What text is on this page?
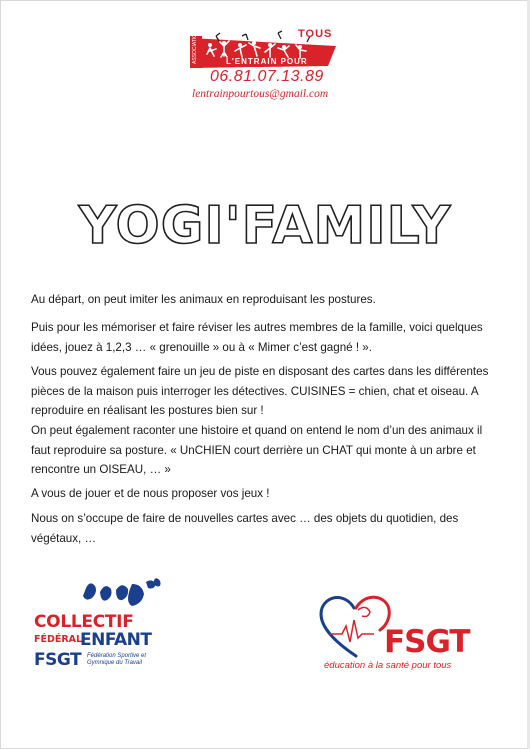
ASSOCIATION	L'ENTRAIN POUR
TOUS
06.81.07.13.89
lentrainpourtous@gmail.com
YOGI'FAMILY

Au départ, on peut imiter les animaux en reproduisant les postures.

Puis pour les mémoriser et faire réviser les autres membres de la famille, voici quelques idées, jouez à 1,2,3 … « grenouille » ou à « Mimer c’est gagné ! ».

Vous pouvez également faire un jeu de piste en disposant des cartes dans les différentes pièces de la maison puis interroger les détectives. CUISINES = chien, chat et oiseau. A reproduire en réalisant les postures bien sur !

On peut également raconter une histoire et quand on entend le nom d’un des animaux il faut reproduire sa posture. « UnCHIEN court derrière un CHAT qui monte à un arbre et rencontre un OISEAU, … »

A vous de jouer et de nous proposer vos jeux !

Nous on s’occupe de faire de nouvelles cartes avec … des objets du quotidien, des végétaux, …

COLLECTIF
FÉDÉRAL
ENFANT
FSGT Fédération Sportive et Gymnique du Travail
FSGT
éducation à la santé pour tous
